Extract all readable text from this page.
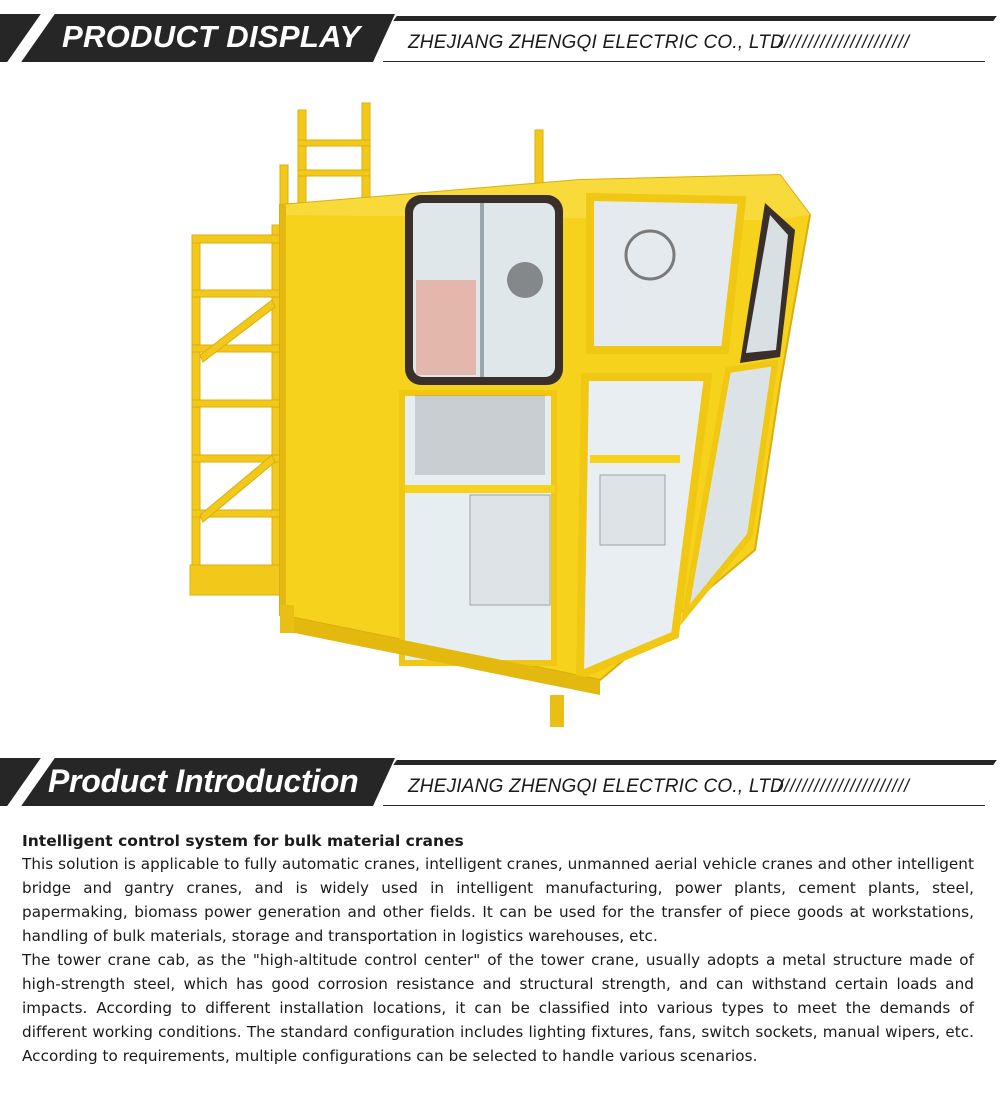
PRODUCT DISPLAY	ZHEJIANG ZHENGQI ELECTRIC CO., LTD
//////////////////////
Product Introduction	ZHEJIANG ZHENGQI ELECTRIC CO., LTD
//////////////////////
Intelligent control system for bulk material cranes

This solution is applicable to fully automatic cranes, intelligent cranes, unmanned aerial vehicle cranes and other intelligent bridge and gantry cranes, and is widely used in intelligent manufacturing, power plants, cement plants, steel, papermaking, biomass power generation and other fields. It can be used for the transfer of piece goods at workstations, handling of bulk materials, storage and transportation in logistics warehouses, etc.

The tower crane cab, as the "high-altitude control center" of the tower crane, usually adopts a metal structure made of high-strength steel, which has good corrosion resistance and structural strength, and can withstand certain loads and impacts. According to different installation locations, it can be classified into various types to meet the demands of different working conditions. The standard configuration includes lighting fixtures, fans, switch sockets, manual wipers, etc. According to requirements, multiple configurations can be selected to handle various scenarios.
